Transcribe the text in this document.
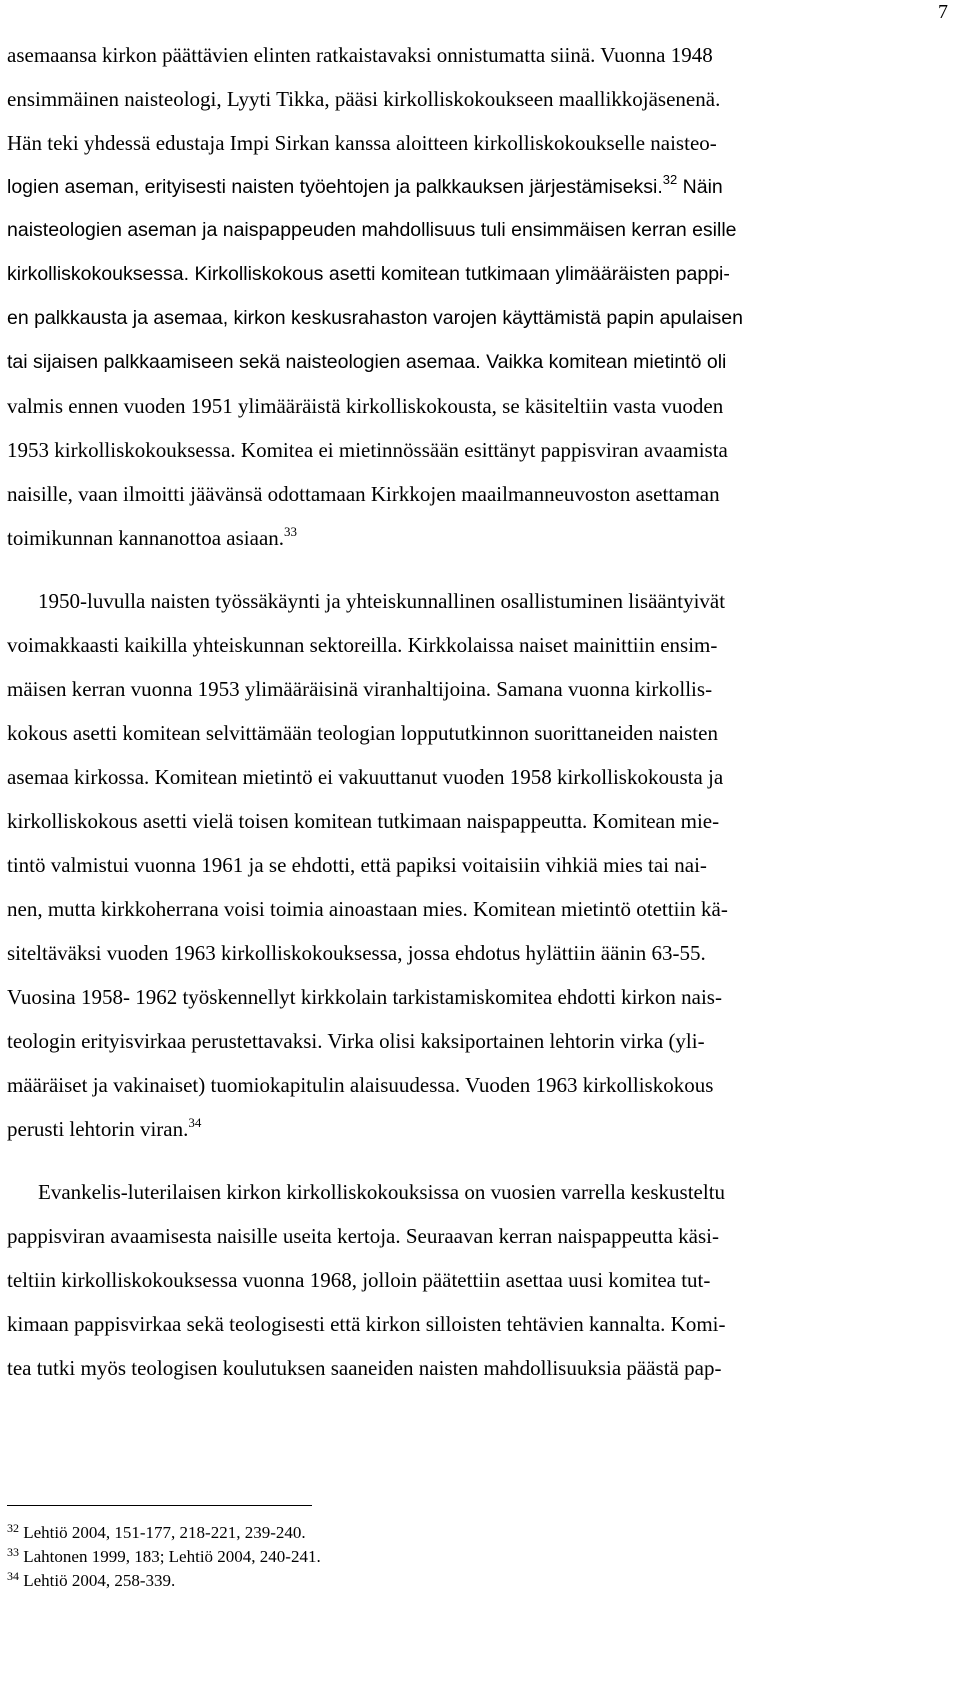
7
asemaansa kirkon päättävien elinten ratkaistavaksi onnistumatta siinä. Vuonna 1948
ensimmäinen naisteologi, Lyyti Tikka, pääsi kirkolliskokoukseen maallikkojäsenenä.
Hän teki yhdessä edustaja Impi Sirkan kanssa aloitteen kirkolliskokoukselle naisteo-
logien aseman, erityisesti naisten työehtojen ja palkkauksen järjestämiseksi.$^{32}$ Näin
naisteologien aseman ja naispappeuden mahdollisuus tuli ensimmäisen kerran esille
kirkolliskokouksessa. Kirkolliskokous asetti komitean tutkimaan ylimääräisten pappi-
en palkkausta ja asemaa, kirkon keskusrahaston varojen käyttämistä papin apulaisen
tai sijaisen palkkaamiseen sekä naisteologien asemaa. Vaikka komitean mietintö oli
valmis ennen vuoden 1951 ylimääräistä kirkolliskokousta, se käsiteltiin vasta vuoden
1953 kirkolliskokouksessa. Komitea ei mietinnössään esittänyt pappisviran avaamista
naisille, vaan ilmoitti jäävänsä odottamaan Kirkkojen maailmanneuvoston asettaman
toimikunnan kannanottoa asiaan.$^{33}$
1950-luvulla naisten työssäkäynti ja yhteiskunnallinen osallistuminen lisääntyivät
voimakkaasti kaikilla yhteiskunnan sektoreilla. Kirkkolaissa naiset mainittiin ensim-
mäisen kerran vuonna 1953 ylimääräisinä viranhaltijoina. Samana vuonna kirkollis-
kokous asetti komitean selvittämään teologian loppututkinnon suorittaneiden naisten
asemaa kirkossa. Komitean mietintö ei vakuuttanut vuoden 1958 kirkolliskokousta ja
kirkolliskokous asetti vielä toisen komitean tutkimaan naispappeutta. Komitean mie-
tintö valmistui vuonna 1961 ja se ehdotti, että papiksi voitaisiin vihkiä mies tai nai-
nen, mutta kirkkoherrana voisi toimia ainoastaan mies. Komitean mietintö otettiin kä-
siteltäväksi vuoden 1963 kirkolliskokouksessa, jossa ehdotus hylättiin äänin 63-55.
Vuosina 1958- 1962 työskennellyt kirkkolain tarkistamiskomitea ehdotti kirkon nais-
teologin erityisvirkaa perustettavaksi. Virka olisi kaksiportainen lehtorin virka (yli-
määräiset ja vakinaiset) tuomiokapitulin alaisuudessa. Vuoden 1963 kirkolliskokous
perusti lehtorin viran.$^{34}$
Evankelis-luterilaisen kirkon kirkolliskokouksissa on vuosien varrella keskusteltu
pappisviran avaamisesta naisille useita kertoja. Seuraavan kerran naispappeutta käsi-
teltiin kirkolliskokouksessa vuonna 1968, jolloin päätettiin asettaa uusi komitea tut-
kimaan pappisvirkaa sekä teologisesti että kirkon silloisten tehtävien kannalta. Komi-
tea tutki myös teologisen koulutuksen saaneiden naisten mahdollisuuksia päästä pap-
$^{32}$ Lehtiö 2004, 151-177, 218-221, 239-240.
$^{33}$ Lahtonen 1999, 183; Lehtiö 2004, 240-241.
$^{34}$ Lehtiö 2004, 258-339.
